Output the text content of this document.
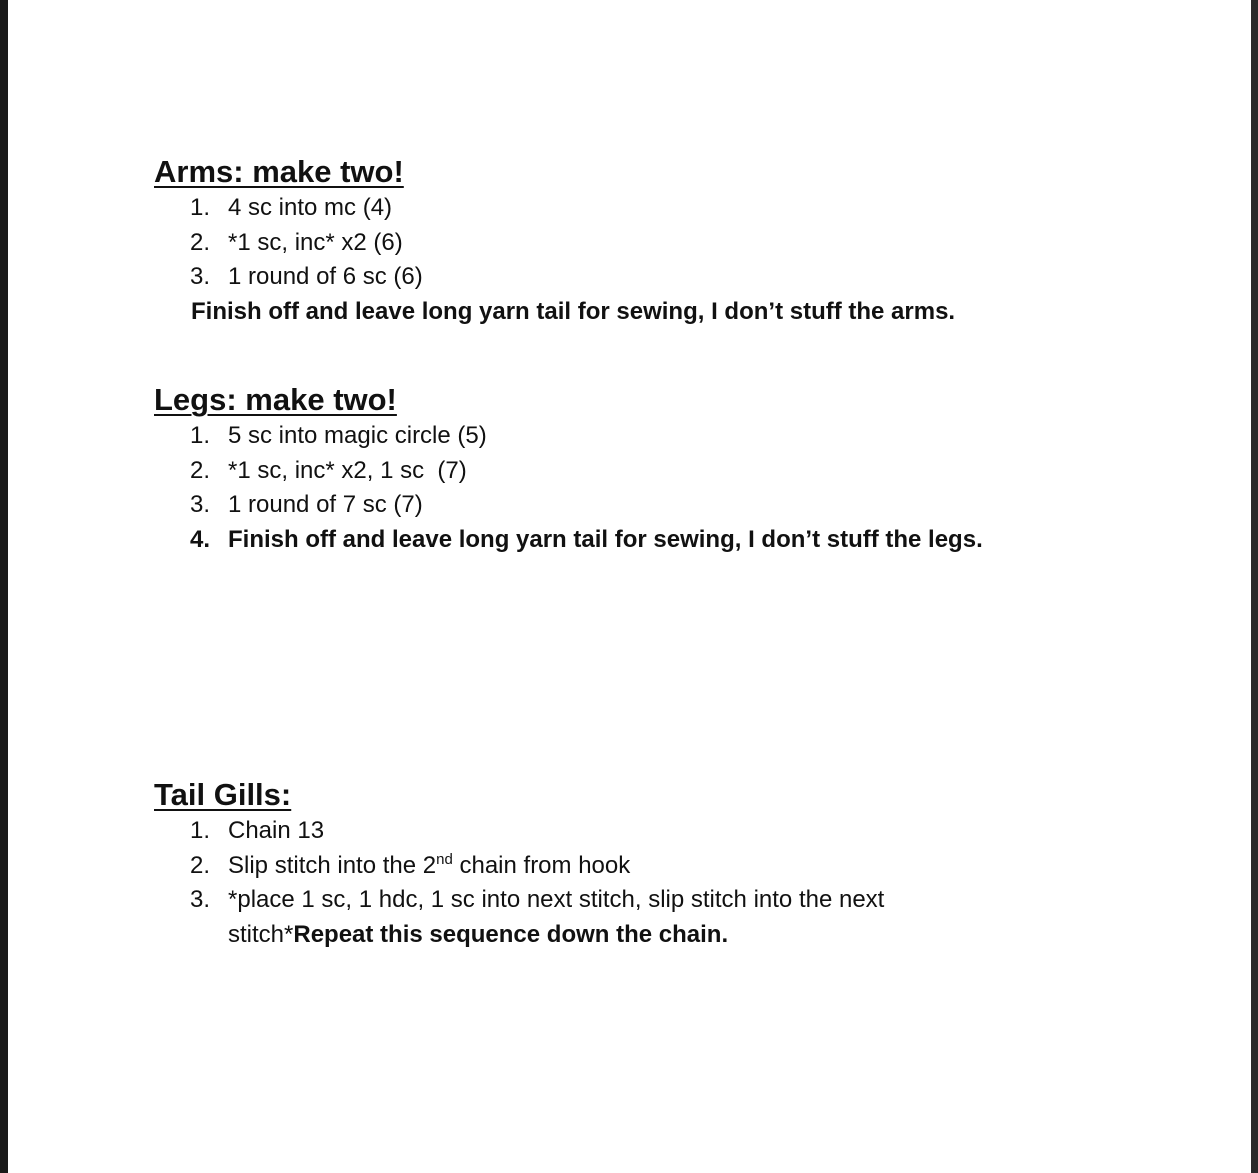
Arms: make two!
1. 4 sc into mc (4)
2. *1 sc, inc* x2 (6)
3. 1 round of 6 sc (6)
Finish off and leave long yarn tail for sewing, I don’t stuff the arms.
Legs: make two!
1. 5 sc into magic circle (5)
2. *1 sc, inc* x2, 1 sc  (7)
3. 1 round of 7 sc (7)
4. Finish off and leave long yarn tail for sewing, I don’t stuff the legs.
Tail Gills:
1. Chain 13
2. Slip stitch into the 2nd chain from hook
3. *place 1 sc, 1 hdc, 1 sc into next stitch, slip stitch into the next stitch*Repeat this sequence down the chain.
